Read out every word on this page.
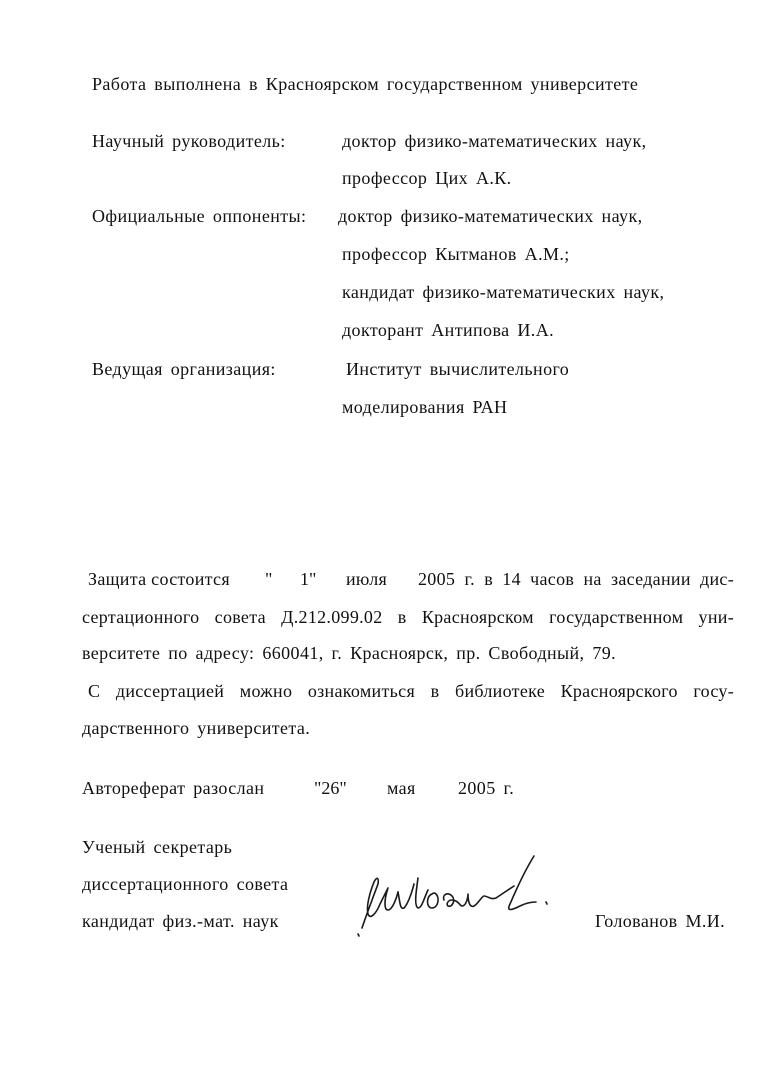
Работа выполнена в Красноярском государственном университете
Научный руководитель:	доктор физико-математических наук,
профессор Цих А.К.
Официальные оппоненты: доктор физико-математических наук,
профессор Кытманов А.М.;
кандидат физико-математических наук,
докторант Антипова И.А.
Ведущая организация:	Институт вычислительного
моделирования РАН
Защита состоится " 1" июля 2005 г. в 14 часов на заседании дис-
сертационного совета Д.212.099.02 в Красноярском государственном уни-
верситете по адресу: 660041, г. Красноярск, пр. Свободный, 79.
С диссертацией можно ознакомиться в библиотеке Красноярского госу-
дарственного университета.
Автореферат разослан	"26" мая 2005 г.
Ученый секретарь
диссертационного совета
кандидат физ.-мат. наук	Голованов М.И.
